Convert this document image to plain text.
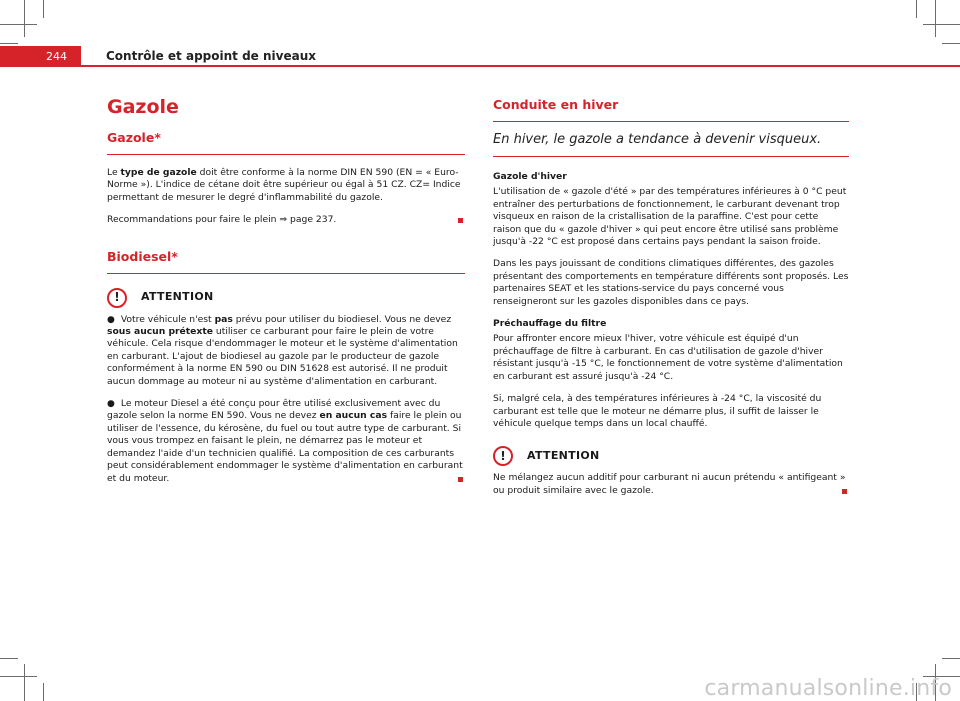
244	Contrôle et appoint de niveaux
Gazole
Gazole*

Le type de gazole doit être conforme à la norme DIN EN 590 (EN = « Euro-Norme »). L'indice de cétane doit être supérieur ou égal à 51 CZ. CZ= Indice permettant de mesurer le degré d'inflammabilité du gazole.

Recommandations pour faire le plein ⇒ page 237.

Biodiesel*
!	ATTENTION

● Votre véhicule n'est pas prévu pour utiliser du biodiesel. Vous ne devez sous aucun prétexte utiliser ce carburant pour faire le plein de votre véhicule. Cela risque d'endommager le moteur et le système d'alimentation en carburant. L'ajout de biodiesel au gazole par le producteur de gazole conformément à la norme EN 590 ou DIN 51628 est autorisé. Il ne produit aucun dommage au moteur ni au système d'alimentation en carburant.

● Le moteur Diesel a été conçu pour être utilisé exclusivement avec du gazole selon la norme EN 590. Vous ne devez en aucun cas faire le plein ou utiliser de l'essence, du kérosène, du fuel ou tout autre type de carburant. Si vous vous trompez en faisant le plein, ne démarrez pas le moteur et demandez l'aide d'un technicien qualifié. La composition de ces carburants peut considérablement endommager le système d'alimentation en carburant et du moteur.

Conduite en hiver
En hiver, le gazole a tendance à devenir visqueux.
Gazole d'hiver

L'utilisation de « gazole d'été » par des températures inférieures à 0 °C peut entraîner des perturbations de fonctionnement, le carburant devenant trop visqueux en raison de la cristallisation de la paraffine. C'est pour cette raison que du « gazole d'hiver » qui peut encore être utilisé sans problème jusqu'à -22 °C est proposé dans certains pays pendant la saison froide.

Dans les pays jouissant de conditions climatiques différentes, des gazoles présentant des comportements en température différents sont proposés. Les partenaires SEAT et les stations-service du pays concerné vous renseigneront sur les gazoles disponibles dans ce pays.

Préchauffage du filtre

Pour affronter encore mieux l'hiver, votre véhicule est équipé d'un préchauffage de filtre à carburant. En cas d'utilisation de gazole d'hiver résistant jusqu'à -15 °C, le fonctionnement de votre système d'alimentation en carburant est assuré jusqu'à -24 °C.

Si, malgré cela, à des températures inférieures à -24 °C, la viscosité du carburant est telle que le moteur ne démarre plus, il suffit de laisser le véhicule quelque temps dans un local chauffé.

!	ATTENTION

Ne mélangez aucun additif pour carburant ni aucun prétendu « antifigeant » ou produit similaire avec le gazole.

carmanualsonline.info
